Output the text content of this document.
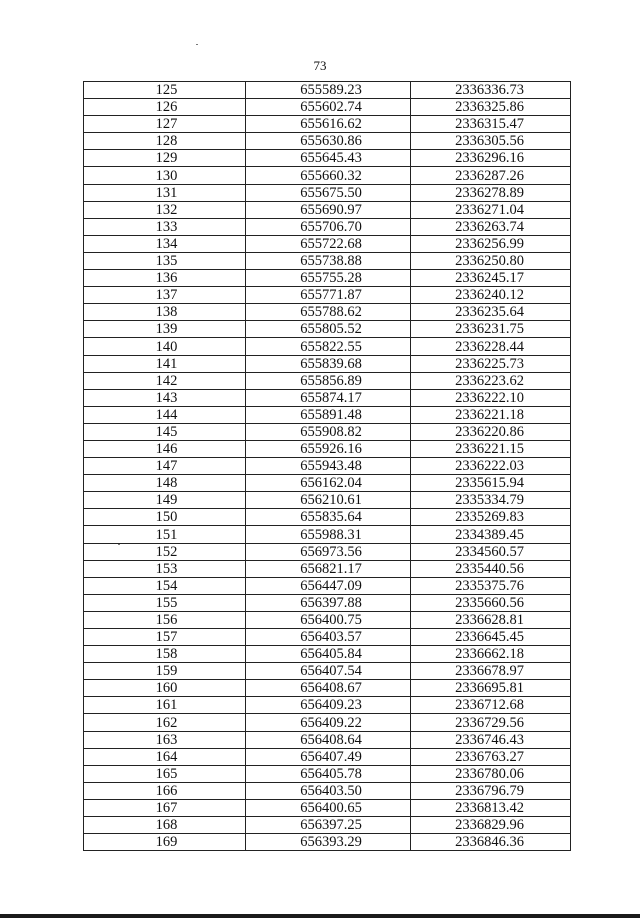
73
125	655589.23	2336336.73
126	655602.74	2336325.86
127	655616.62	2336315.47
128	655630.86	2336305.56
129	655645.43	2336296.16
130	655660.32	2336287.26
131	655675.50	2336278.89
132	655690.97	2336271.04
133	655706.70	2336263.74
134	655722.68	2336256.99
135	655738.88	2336250.80
136	655755.28	2336245.17
137	655771.87	2336240.12
138	655788.62	2336235.64
139	655805.52	2336231.75
140	655822.55	2336228.44
141	655839.68	2336225.73
142	655856.89	2336223.62
143	655874.17	2336222.10
144	655891.48	2336221.18
145	655908.82	2336220.86
146	655926.16	2336221.15
147	655943.48	2336222.03
148	656162.04	2335615.94
149	656210.61	2335334.79
150	655835.64	2335269.83
151	655988.31	2334389.45
152	656973.56	2334560.57
153	656821.17	2335440.56
154	656447.09	2335375.76
155	656397.88	2335660.56
156	656400.75	2336628.81
157	656403.57	2336645.45
158	656405.84	2336662.18
159	656407.54	2336678.97
160	656408.67	2336695.81
161	656409.23	2336712.68
162	656409.22	2336729.56
163	656408.64	2336746.43
164	656407.49	2336763.27
165	656405.78	2336780.06
166	656403.50	2336796.79
167	656400.65	2336813.42
168	656397.25	2336829.96
169	656393.29	2336846.36
